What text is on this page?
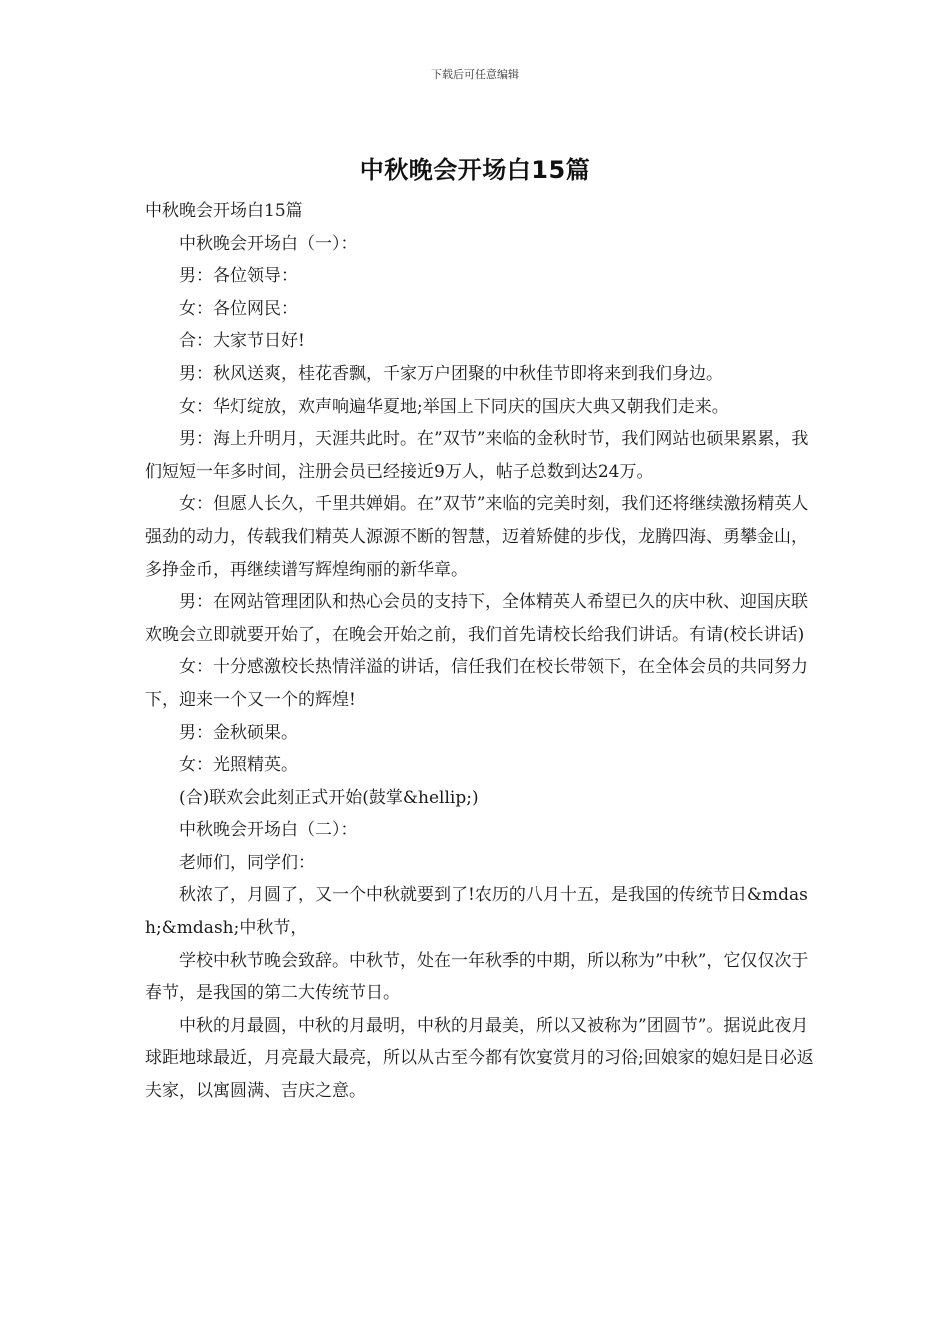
下载后可任意编辑
中秋晚会开场白15篇

中秋晚会开场白15篇

中秋晚会开场白（一）：

男：各位领导：

女：各位网民：

合：大家节日好!

男：秋风送爽，桂花香飘，千家万户团聚的中秋佳节即将来到我们身边。

女：华灯绽放，欢声响遍华夏地;举国上下同庆的国庆大典又朝我们走来。

男：海上升明月，天涯共此时。在”双节”来临的金秋时节，我们网站也硕果累累，我们短短一年多时间，注册会员已经接近9万人，帖子总数到达24万。

女：但愿人长久，千里共婵娟。在”双节”来临的完美时刻，我们还将继续激扬精英人强劲的动力，传载我们精英人源源不断的智慧，迈着矫健的步伐，龙腾四海、勇攀金山，多挣金币，再继续谱写辉煌绚丽的新华章。

男：在网站管理团队和热心会员的支持下，全体精英人希望已久的庆中秋、迎国庆联欢晚会立即就要开始了，在晚会开始之前，我们首先请校长给我们讲话。有请(校长讲话)

女：十分感激校长热情洋溢的讲话，信任我们在校长带领下，在全体会员的共同努力下，迎来一个又一个的辉煌!

男：金秋硕果。

女：光照精英。

(合)联欢会此刻正式开始(鼓掌&hellip;)

中秋晚会开场白（二）：

老师们，同学们：

秋浓了，月圆了，又一个中秋就要到了!农历的八月十五，是我国的传统节日&mdash;&mdash;中秋节，

学校中秋节晚会致辞。中秋节，处在一年秋季的中期，所以称为”中秋”，它仅仅次于春节，是我国的第二大传统节日。

中秋的月最圆，中秋的月最明，中秋的月最美，所以又被称为”团圆节”。据说此夜月球距地球最近，月亮最大最亮，所以从古至今都有饮宴赏月的习俗;回娘家的媳妇是日必返夫家，以寓圆满、吉庆之意。
